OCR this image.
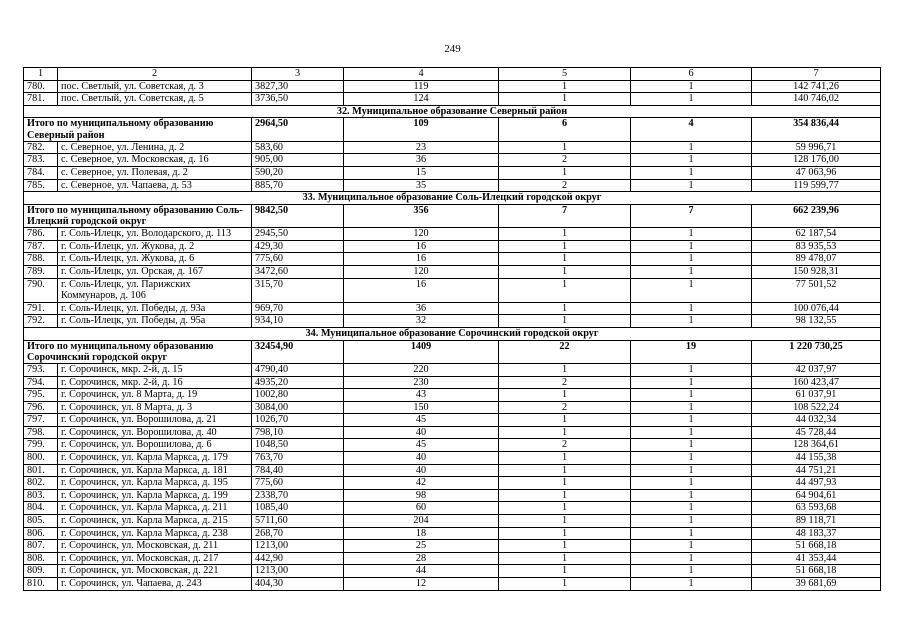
249
1	2	3	4	5	6	7
780.	пос. Светлый, ул. Советская, д. 3	3827,30	119	1	1	142 741,26
781.	пос. Светлый, ул. Советская, д. 5	3736,50	124	1	1	140 746,02
32. Муниципальное образование Северный район						
Итого по муниципальному образованию Северный район		2964,50	109	6	4	354 836,44
782.	с. Северное, ул. Ленина, д. 2	583,60	23	1	1	59 996,71
783.	с. Северное, ул. Московская, д. 16	905,00	36	2	1	128 176,00
784.	с. Северное, ул. Полевая, д. 2	590,20	15	1	1	47 063,96
785.	с. Северное, ул. Чапаева, д. 53	885,70	35	2	1	119 599,77
33. Муниципальное образование Соль-Илецкий городской округ						
Итого по муниципальному образованию Соль-Илецкий городской округ		9842,50	356	7	7	662 239,96
786.	г. Соль-Илецк, ул. Володарского, д. 113	2945,50	120	1	1	62 187,54
787.	г. Соль-Илецк, ул. Жукова, д. 2	429,30	16	1	1	83 935,53
788.	г. Соль-Илецк, ул. Жукова, д. 6	775,60	16	1	1	89 478,07
789.	г. Соль-Илецк, ул. Орская, д. 167	3472,60	120	1	1	150 928,31
790.	г. Соль-Илецк, ул. Парижских Коммунаров, д. 106	315,70	16	1	1	77 501,52
791.	г. Соль-Илецк, ул. Победы, д. 93а	969,70	36	1	1	100 076,44
792.	г. Соль-Илецк, ул. Победы, д. 95а	934,10	32	1	1	98 132,55
34. Муниципальное образование Сорочинский городской округ						
Итого по муниципальному образованию Сорочинский городской округ		32454,90	1409	22	19	1 220 730,25
793.	г. Сорочинск, мкр. 2-й, д. 15	4790,40	220	1	1	42 037,97
794.	г. Сорочинск, мкр. 2-й, д. 16	4935,20	230	2	1	160 423,47
795.	г. Сорочинск, ул. 8 Марта, д. 19	1002,80	43	1	1	61 037,91
796.	г. Сорочинск, ул. 8 Марта, д. 3	3084,00	150	2	1	108 522,24
797.	г. Сорочинск, ул. Ворошилова, д. 21	1026,70	45	1	1	44 032,34
798.	г. Сорочинск, ул. Ворошилова, д. 40	798,10	40	1	1	45 728,44
799.	г. Сорочинск, ул. Ворошилова, д. 6	1048,50	45	2	1	128 364,61
800.	г. Сорочинск, ул. Карла Маркса, д. 179	763,70	40	1	1	44 155,38
801.	г. Сорочинск, ул. Карла Маркса, д. 181	784,40	40	1	1	44 751,21
802.	г. Сорочинск, ул. Карла Маркса, д. 195	775,60	42	1	1	44 497,93
803.	г. Сорочинск, ул. Карла Маркса, д. 199	2338,70	98	1	1	64 904,61
804.	г. Сорочинск, ул. Карла Маркса, д. 211	1085,40	60	1	1	63 593,68
805.	г. Сорочинск, ул. Карла Маркса, д. 215	5711,60	204	1	1	89 118,71
806.	г. Сорочинск, ул. Карла Маркса, д. 238	268,70	18	1	1	48 183,37
807.	г. Сорочинск, ул. Московская, д. 211	1213,00	25	1	1	51 668,18
808.	г. Сорочинск, ул. Московская, д. 217	442,90	28	1	1	41 353,44
809.	г. Сорочинск, ул. Московская, д. 221	1213,00	44	1	1	51 668,18
810.	г. Сорочинск, ул. Чапаева, д. 243	404,30	12	1	1	39 681,69
